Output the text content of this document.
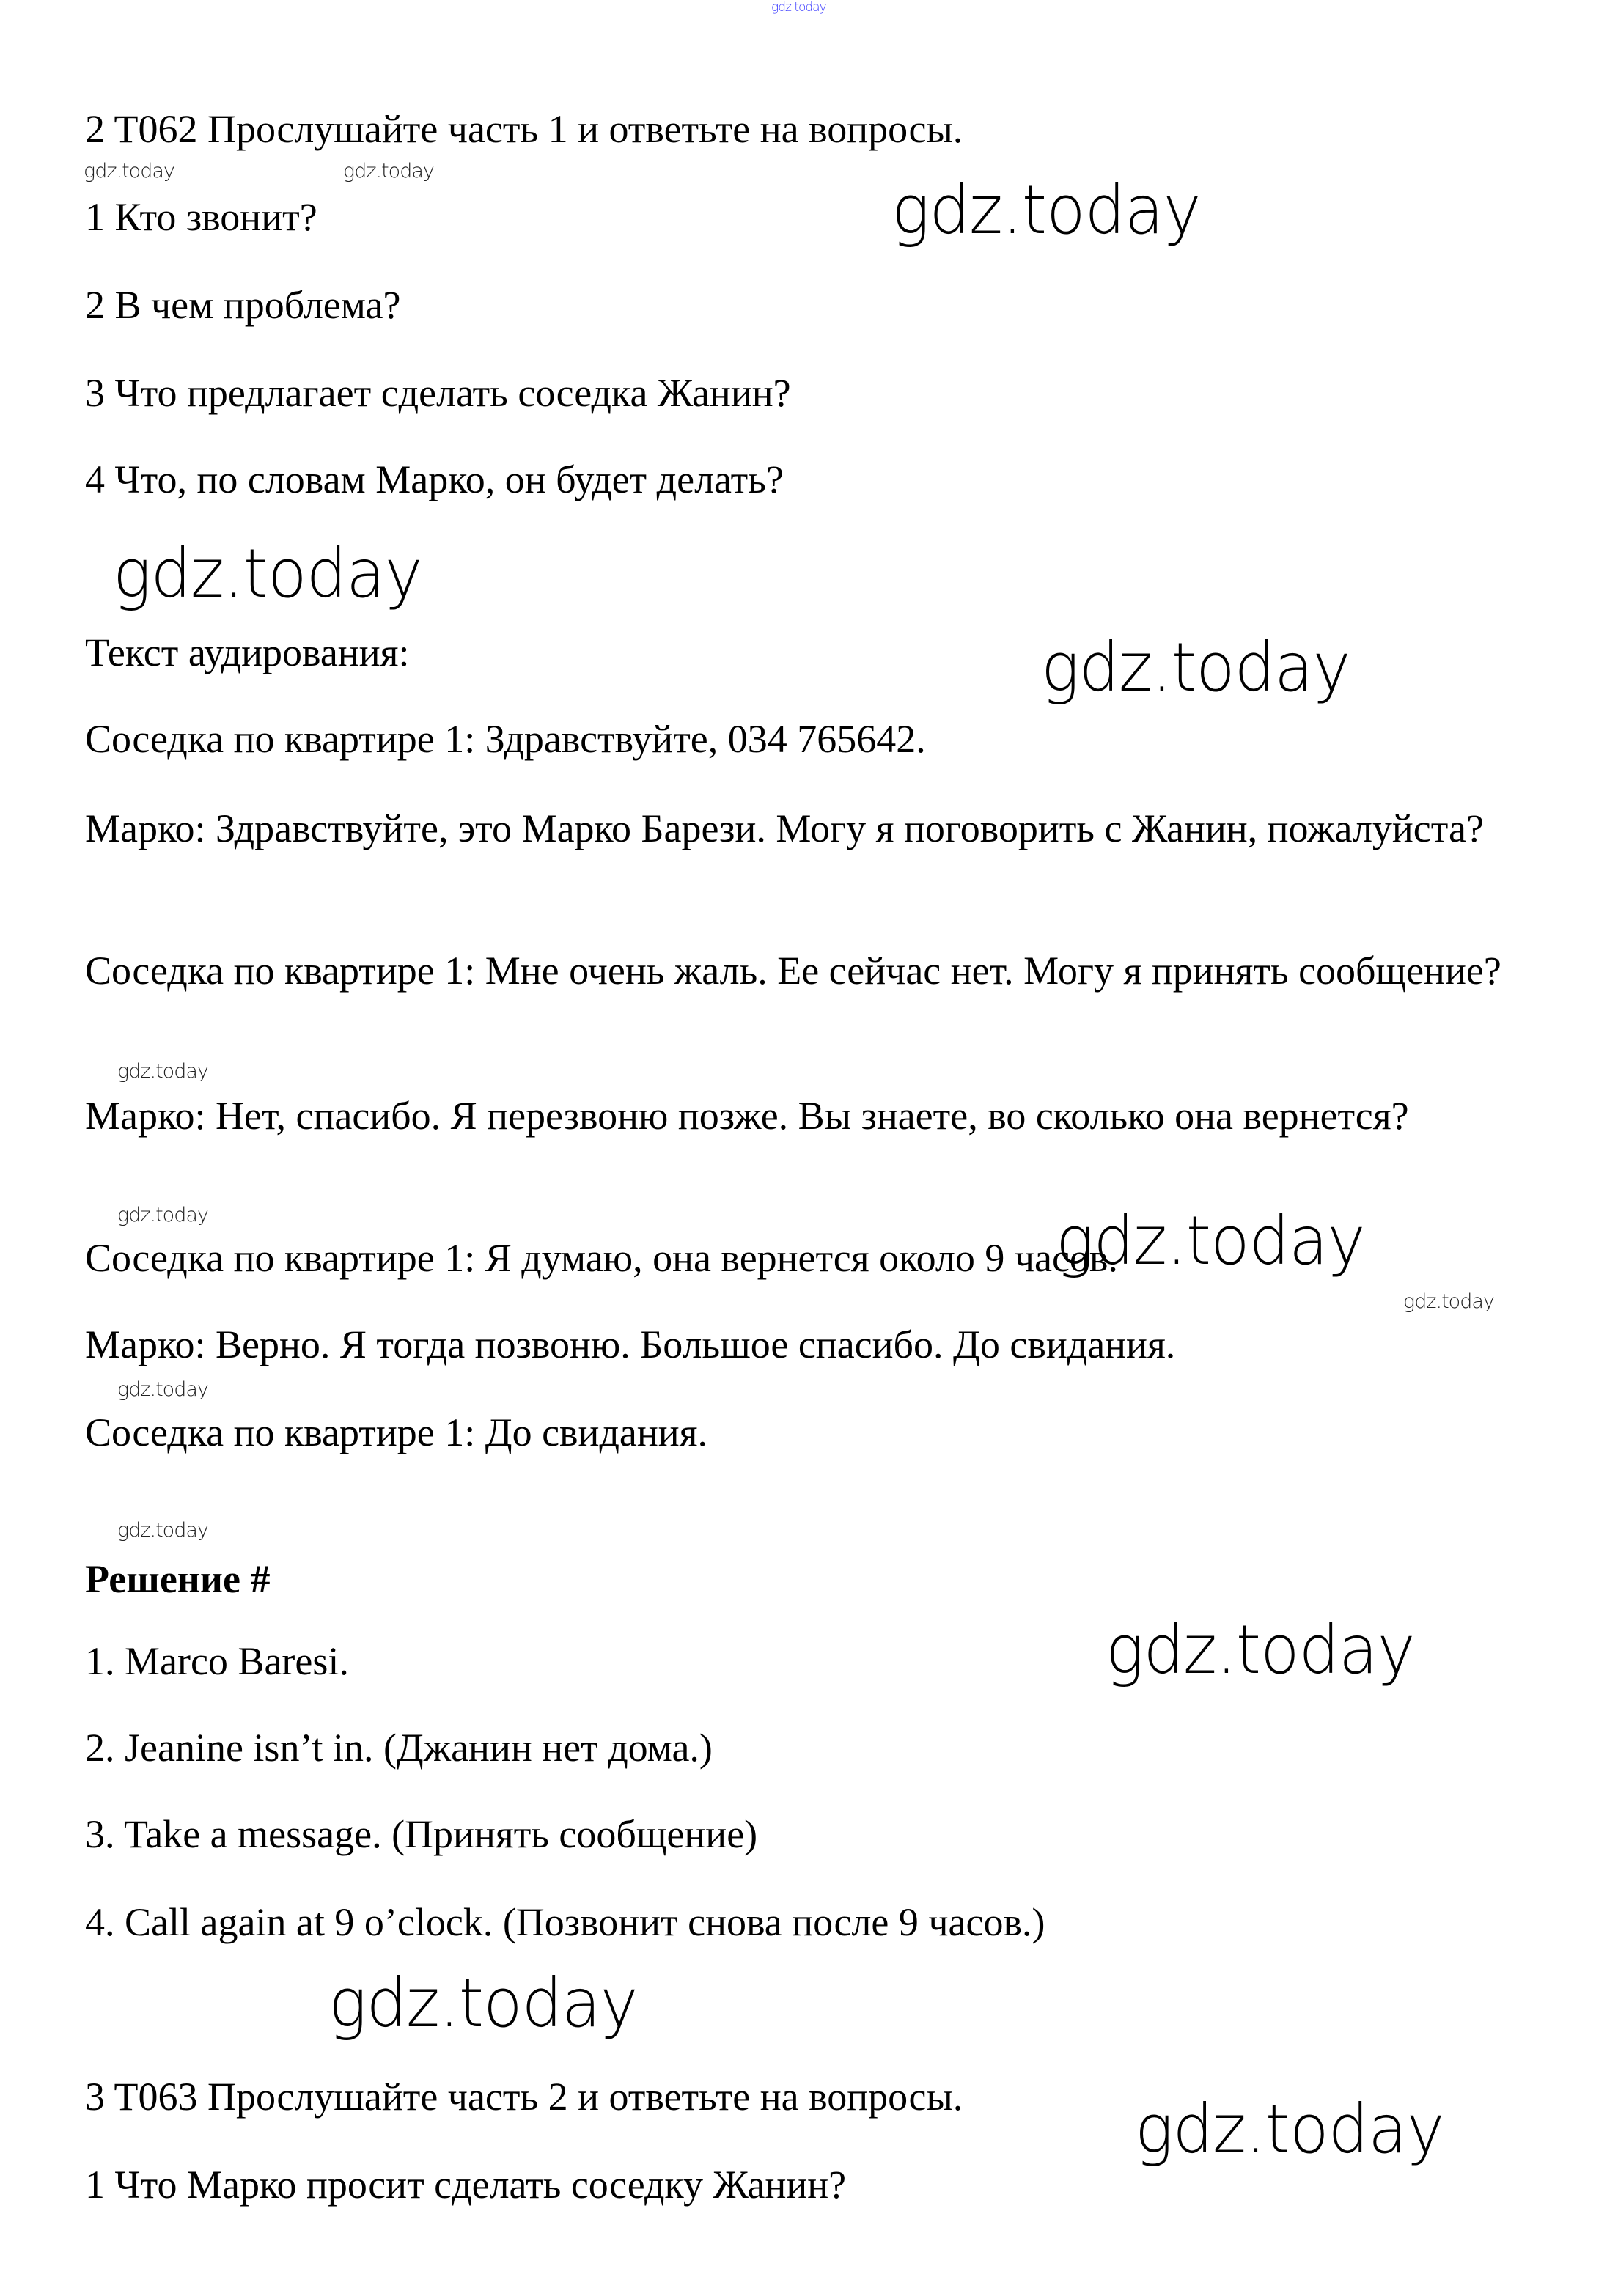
gdz.today
gdz.today	gdz.today	gdz.today
gdz.today
gdz.today
gdz.today
gdz.today
gdz.today
gdz.today
gdz.today
gdz.today
gdz.today
gdz.today
gdz.today
2 T062 Прослушайте часть 1 и ответьте на вопросы.
1 Кто звонит?
2 В чем проблема?
3 Что предлагает сделать соседка Жанин?
4 Что, по словам Марко, он будет делать?
Текст аудирования:
Соседка по квартире 1: Здравствуйте, 034 765642.
Марко: Здравствуйте, это Марко Барези. Могу я поговорить с Жанин, пожалуйста?
Соседка по квартире 1: Мне очень жаль. Ее сейчас нет. Могу я принять сообщение?
Марко: Нет, спасибо. Я перезвоню позже. Вы знаете, во сколько она вернется?
Соседка по квартире 1: Я думаю, она вернется около 9 часов.
Марко: Верно. Я тогда позвоню. Большое спасибо. До свидания.
Соседка по квартире 1: До свидания.
Решение #
1. Marco Baresi.
2. Jeanine isn’t in. (Джанин нет дома.)
3. Take a message. (Принять сообщение)
4. Call again at 9 o’clock. (Позвонит снова после 9 часов.)
3 T063 Прослушайте часть 2 и ответьте на вопросы.
1 Что Марко просит сделать соседку Жанин?
